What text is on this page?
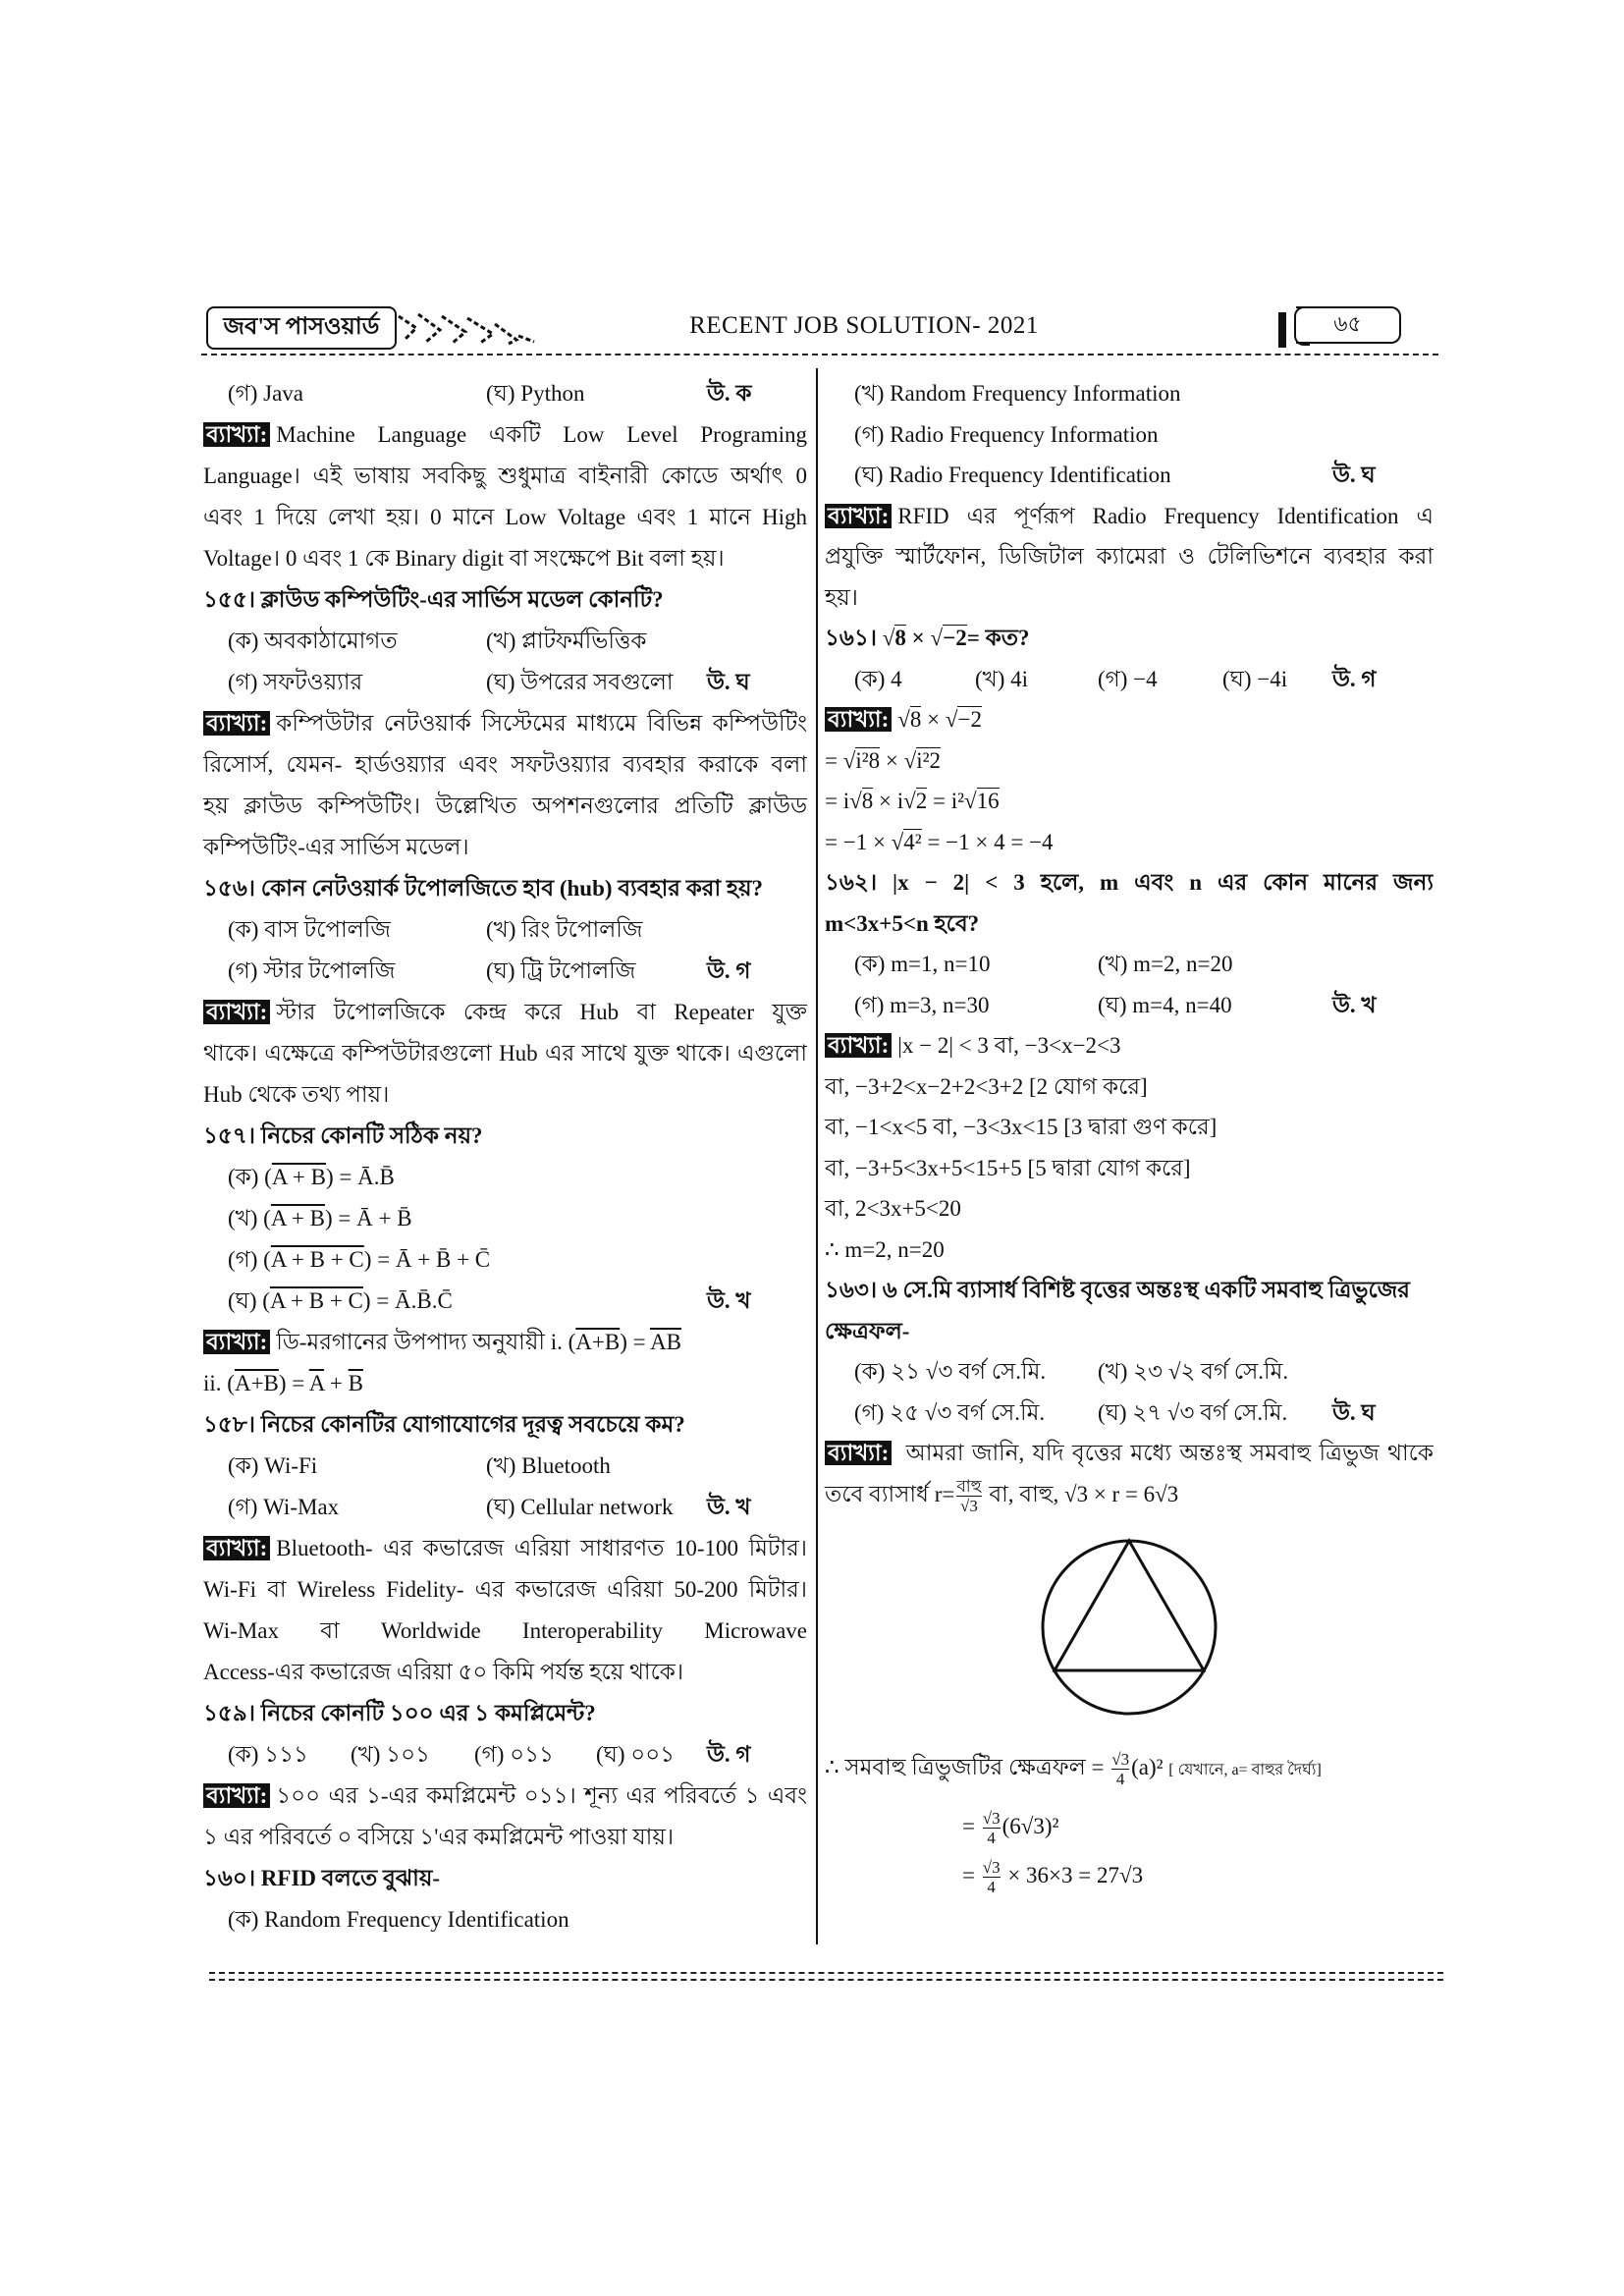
জব'স পাসওয়ার্ড	RECENT JOB SOLUTION- 2021	৬৫
(গ) Java	(ঘ) Python	উ. ক
ব্যাখ্যা: Machine Language একটি Low Level Programing
Language। এই ভাষায় সবকিছু শুধুমাত্র বাইনারী কোডে অর্থাৎ 0
এবং 1 দিয়ে লেখা হয়। 0 মানে Low Voltage এবং 1 মানে High
Voltage। 0 এবং 1 কে Binary digit বা সংক্ষেপে Bit বলা হয়।
১৫৫। ক্লাউড কম্পিউটিং-এর সার্ভিস মডেল কোনটি?
(ক) অবকাঠামোগত	(খ) প্লাটফর্মভিত্তিক
(গ) সফটওয়্যার	(ঘ) উপরের সবগুলো উ. ঘ
ব্যাখ্যা: কম্পিউটার নেটওয়ার্ক সিস্টেমের মাধ্যমে বিভিন্ন কম্পিউটিং
রিসোর্স, যেমন- হার্ডওয়্যার এবং সফটওয়্যার ব্যবহার করাকে বলা
হয় ক্লাউড কম্পিউটিং। উল্লেখিত অপশনগুলোর প্রতিটি ক্লাউড
কম্পিউটিং-এর সার্ভিস মডেল।
১৫৬। কোন নেটওয়ার্ক টপোলজিতে হাব (hub) ব্যবহার করা হয়?
(ক) বাস টপোলজি	(খ) রিং টপোলজি
(গ) স্টার টপোলজি	(ঘ) ট্রি টপোলজি	উ. গ
ব্যাখ্যা: স্টার টপোলজিকে কেন্দ্র করে Hub বা Repeater যুক্ত
থাকে। এক্ষেত্রে কম্পিউটারগুলো Hub এর সাথে যুক্ত থাকে। এগুলো
Hub থেকে তথ্য পায়।
১৫৭। নিচের কোনটি সঠিক নয়?
(ক) (A + B) = Ā.B̄
(খ) (A + B) = Ā + B̄
(গ) (A + B + C) = Ā + B̄ + C̄
(ঘ) (A + B + C) = Ā.B̄.C̄	উ. খ
ব্যাখ্যা: ডি-মরগানের উপপাদ্য অনুযায়ী i. $(A+B) = \overline{AB}$
ii. $(A+B) = \overline{A} + \overline{B}$
১৫৮। নিচের কোনটির যোগাযোগের দূরত্ব সবচেয়ে কম?
(ক) Wi-Fi	(খ) Bluetooth
(গ) Wi-Max	(ঘ) Cellular network উ. খ
ব্যাখ্যা: Bluetooth- এর কভারেজ এরিয়া সাধারণত 10-100 মিটার।
Wi-Fi বা Wireless Fidelity- এর কভারেজ এরিয়া 50-200 মিটার।
Wi-Max বা Worldwide Interoperability Microwave
Access-এর কভারেজ এরিয়া ৫০ কিমি পর্যন্ত হয়ে থাকে।
১৫৯। নিচের কোনটি ১০০ এর ১ কমপ্লিমেন্ট?
(ক) ১১১ (খ) ১০১ (গ) ০১১ (ঘ) ০০১ উ. গ
ব্যাখ্যা: ১০০ এর ১-এর কমপ্লিমেন্ট ০১১। শূন্য এর পরিবর্তে ১ এবং
১ এর পরিবর্তে ০ বসিয়ে ১'এর কমপ্লিমেন্ট পাওয়া যায়।
১৬০। RFID বলতে বুঝায়-
(ক) Random Frequency Identification
(খ) Random Frequency Information
(গ) Radio Frequency Information
(ঘ) Radio Frequency Identification	উ. ঘ
ব্যাখ্যা: RFID এর পূর্ণরূপ Radio Frequency Identification এ
প্রযুক্তি স্মার্টফোন, ডিজিটাল ক্যামেরা ও টেলিভিশনে ব্যবহার করা
হয়।
১৬১। √8 × √−2= কত?
(ক) 4	(খ) 4i	(গ) −4	(ঘ) −4i উ. গ
ব্যাখ্যা: √8 × √−2
= √i²8 × √i²2
= i√8 × i√2 = i²√16
= −1 × √4² = −1 × 4 = −4
১৬২। |x − 2| < 3 হলে, m এবং n এর কোন মানের জন্য
m<3x+5<n হবে?
(ক) m=1, n=10	(খ) m=2, n=20
(গ) m=3, n=30	(ঘ) m=4, n=40	উ. খ
ব্যাখ্যা: |x − 2| < 3 বা, −3<x−2<3
বা, −3+2<x−2+2<3+2 [2 যোগ করে]
বা, −1<x<5 বা, −3<3x<15 [3 দ্বারা গুণ করে]
বা, −3+5<3x+5<15+5 [5 দ্বারা যোগ করে]
বা, 2<3x+5<20
∴ m=2, n=20
১৬৩। ৬ সে.মি ব্যাসার্ধ বিশিষ্ট বৃত্তের অন্তঃস্থ একটি সমবাহু ত্রিভুজের
ক্ষেত্রফল-
(ক) ২১ √৩ বর্গ সে.মি. (খ) ২৩ √২ বর্গ সে.মি.
(গ) ২৫ √৩ বর্গ সে.মি. (ঘ) ২৭ √৩ বর্গ সে.মি. উ. ঘ
ব্যাখ্যা: আমরা জানি, যদি বৃত্তের মধ্যে অন্তঃস্থ সমবাহু ত্রিভুজ থাকে
তবে ব্যাসার্ধ $r= \frac{\text{বাহু}}{√3}$ বা, বাহু, √3 × r = 6√3
∴ সমবাহু ত্রিভুজটির ক্ষেত্রফল = $\frac{√3}{4} (a)^2$ [ যেখানে, a= বাহুর দৈর্ঘ্য]
= $\frac{√3}{4} (6√3)^2$
= $\frac{√3}{4} \times 36\times 3 = 27√3$
